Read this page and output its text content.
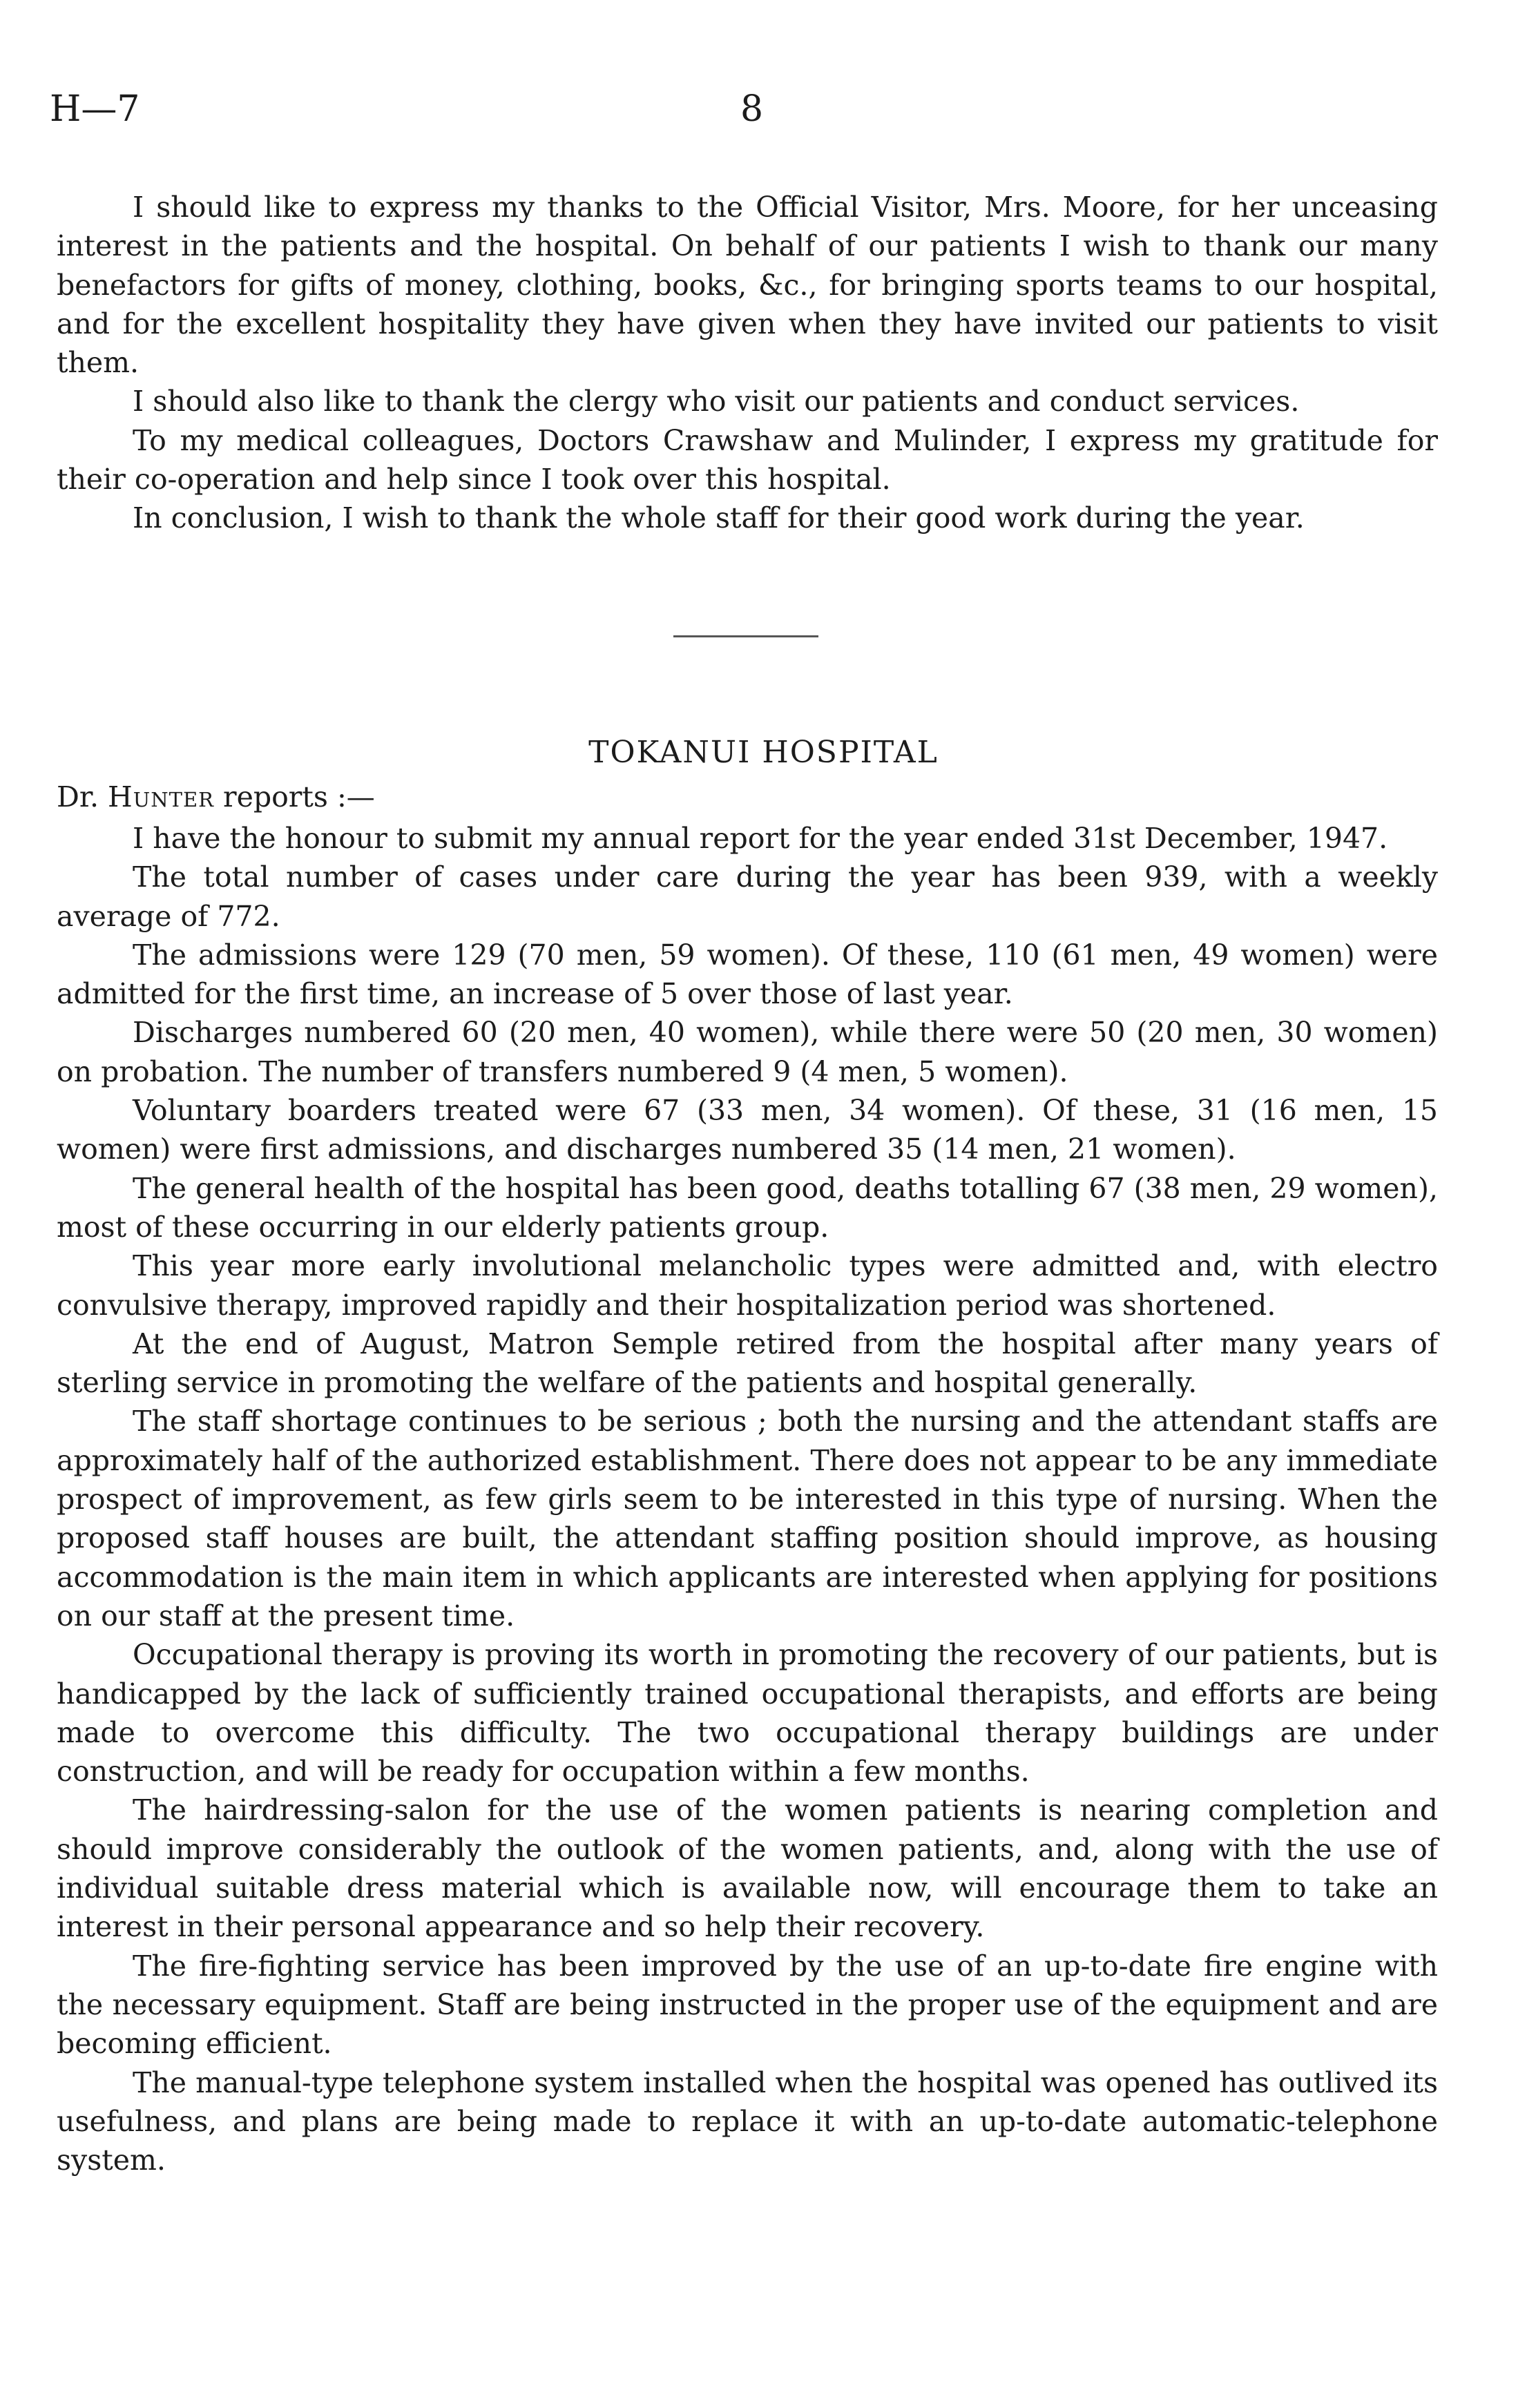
H—7	8

I should like to express my thanks to the Official Visitor, Mrs. Moore, for her unceasing interest in the patients and the hospital. On behalf of our patients I wish to thank our many benefactors for gifts of money, clothing, books, &c., for bringing sports teams to our hospital, and for the excellent hospitality they have given when they have invited our patients to visit them.

I should also like to thank the clergy who visit our patients and conduct services.

To my medical colleagues, Doctors Crawshaw and Mulinder, I express my gratitude for their co-operation and help since I took over this hospital.

In conclusion, I wish to thank the whole staff for their good work during the year.

TOKANUI HOSPITAL
Dr. Hunter reports :—

I have the honour to submit my annual report for the year ended 31st December, 1947.

The total number of cases under care during the year has been 939, with a weekly average of 772.

The admissions were 129 (70 men, 59 women). Of these, 110 (61 men, 49 women) were admitted for the first time, an increase of 5 over those of last year.

Discharges numbered 60 (20 men, 40 women), while there were 50 (20 men, 30 women) on probation. The number of transfers numbered 9 (4 men, 5 women).

Voluntary boarders treated were 67 (33 men, 34 women). Of these, 31 (16 men, 15 women) were first admissions, and discharges numbered 35 (14 men, 21 women).

The general health of the hospital has been good, deaths totalling 67 (38 men, 29 women), most of these occurring in our elderly patients group.

This year more early involutional melancholic types were admitted and, with electro convulsive therapy, improved rapidly and their hospitalization period was shortened.

At the end of August, Matron Semple retired from the hospital after many years of sterling service in promoting the welfare of the patients and hospital generally.

The staff shortage continues to be serious ; both the nursing and the attendant staffs are approximately half of the authorized establishment. There does not appear to be any immediate prospect of improvement, as few girls seem to be interested in this type of nursing. When the proposed staff houses are built, the attendant staffing position should improve, as housing accommodation is the main item in which applicants are interested when applying for positions on our staff at the present time.

Occupational therapy is proving its worth in promoting the recovery of our patients, but is handicapped by the lack of sufficiently trained occupational therapists, and efforts are being made to overcome this difficulty. The two occupational therapy buildings are under construction, and will be ready for occupation within a few months.

The hairdressing-salon for the use of the women patients is nearing completion and should improve considerably the outlook of the women patients, and, along with the use of individual suitable dress material which is available now, will encourage them to take an interest in their personal appearance and so help their recovery.

The fire-fighting service has been improved by the use of an up-to-date fire engine with the necessary equipment. Staff are being instructed in the proper use of the equipment and are becoming efficient.

The manual-type telephone system installed when the hospital was opened has outlived its usefulness, and plans are being made to replace it with an up-to-date automatic-telephone system.
